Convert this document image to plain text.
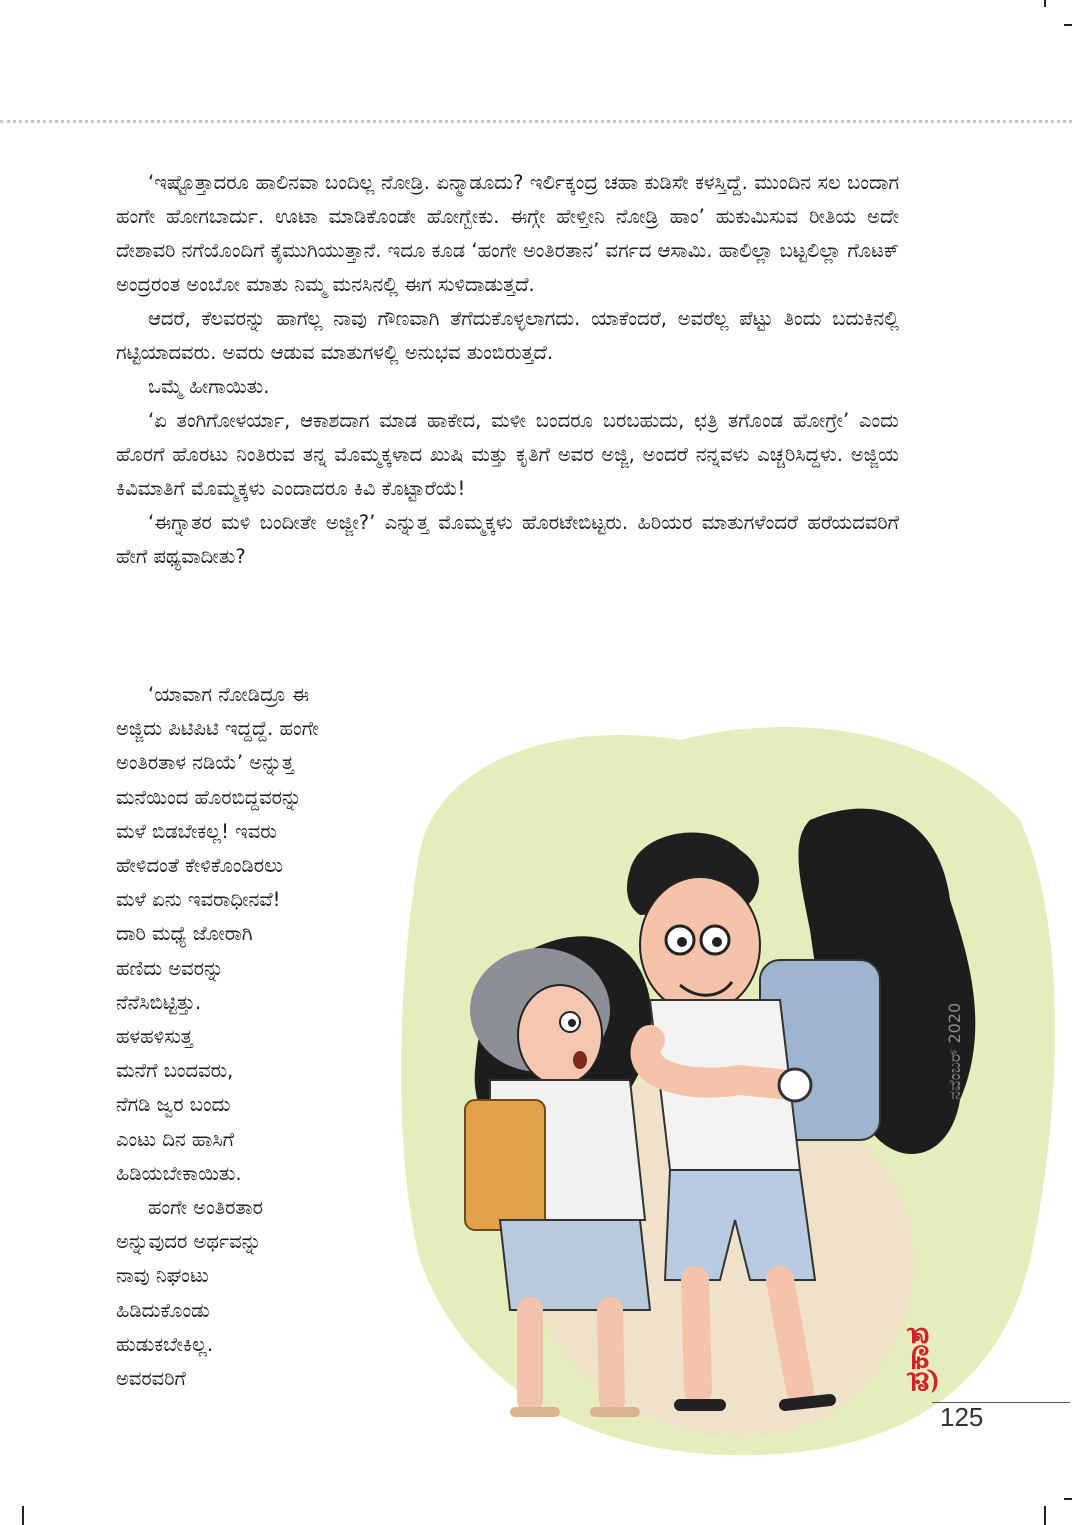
‘ಇಷ್ಟೊತ್ತಾದರೂ ಹಾಲಿನವಾ ಬಂದಿಲ್ಲ ನೋಡ್ರಿ. ಏನ್ಮಾಡೂದು? ಇರ್ಲಿಕ್ಕಂದ್ರ ಚಹಾ ಕುಡಿಸೇ ಕಳಸ್ತಿದ್ದೆ. ಮುಂದಿನ ಸಲ ಬಂದಾಗ ಹಂಗೇ ಹೋಗಬಾರ್ದು. ಊಟಾ ಮಾಡಿಕೊಂಡೇ ಹೋಗ್ಬೇಕು. ಈಗ್ಗೇ ಹೇಳ್ತೀನಿ ನೋಡ್ರಿ ಹಾಂ’ ಹುಕುಮಿಸುವ ರೀತಿಯ ಅದೇ ದೇಶಾವರಿ ನಗೆಯೊಂದಿಗೆ ಕೈಮುಗಿಯುತ್ತಾನೆ. ಇದೂ ಕೂಡ ‘ಹಂಗೇ ಅಂತಿರತಾನ’ ವರ್ಗದ ಆಸಾಮಿ. ಹಾಲಿಲ್ಲಾ ಬಟ್ಟಲಿಲ್ಲಾ ಗೊಟಕ್ ಅಂದ್ರರಂತ ಅಂಬೋ ಮಾತು ನಿಮ್ಮ ಮನಸಿನಲ್ಲಿ ಈಗ ಸುಳಿದಾಡುತ್ತದೆ.

ಆದರೆ, ಕೆಲವರನ್ನು ಹಾಗೆಲ್ಲ ನಾವು ಗೌಣವಾಗಿ ತೆಗೆದುಕೊಳ್ಳಲಾಗದು. ಯಾಕೆಂದರೆ, ಅವರೆಲ್ಲ ಪೆಟ್ಟು ತಿಂದು ಬದುಕಿನಲ್ಲಿ ಗಟ್ಟಿಯಾದವರು. ಅವರು ಆಡುವ ಮಾತುಗಳಲ್ಲಿ ಅನುಭವ ತುಂಬಿರುತ್ತದೆ.

ಒಮ್ಮೆ ಹೀಗಾಯಿತು.

‘ಏ ತಂಗಿಗೋಳರ್ಯಾ, ಆಕಾಶದಾಗ ಮಾಡ ಹಾಕೇದ, ಮಳೀ ಬಂದರೂ ಬರಬಹುದು, ಛತ್ರಿ ತಗೊಂಡ ಹೋಗ್ರೇ’ ಎಂದು ಹೊರಗೆ ಹೊರಟು ನಿಂತಿರುವ ತನ್ನ ಮೊಮ್ಮಕ್ಕಳಾದ ಖುಷಿ ಮತ್ತು ಕೃತಿಗೆ ಅವರ ಅಜ್ಜಿ, ಅಂದರೆ ನನ್ನವಳು ಎಚ್ಚರಿಸಿದ್ದಳು. ಅಜ್ಜಿಯ ಕಿವಿಮಾತಿಗೆ ಮೊಮ್ಮಕ್ಕಳು ಎಂದಾದರೂ ಕಿವಿ ಕೊಟ್ಟಾರೆಯೆ!

‘ಈಗ್ನಾತರ ಮಳಿ ಬಂದೀತೇ ಅಜ್ಜೀ?’ ಎನ್ನುತ್ತ ಮೊಮ್ಮಕ್ಕಳು ಹೊರಟೇಬಿಟ್ಟರು. ಹಿರಿಯರ ಮಾತುಗಳೆಂದರೆ ಹರೆಯದವರಿಗೆ ಹೇಗೆ ಪಥ್ಯವಾದೀತು?

‘ಯಾವಾಗ ನೋಡಿದ್ರೂ ಈ
ಅಜ್ಜಿದು ಪಿಟಿಪಿಟಿ ಇದ್ದದ್ದೆ. ಹಂಗೇ
ಅಂತಿರತಾಳ ನಡಿಯೆ’ ಅನ್ನುತ್ತ
ಮನೆಯಿಂದ ಹೊರಬಿದ್ದವರನ್ನು
ಮಳೆ ಬಿಡಬೇಕಲ್ಲ! ಇವರು
ಹೇಳಿದಂತೆ ಕೇಳಿಕೊಂಡಿರಲು
ಮಳೆ ಏನು ಇವರಾಧೀನವೆ!
ದಾರಿ ಮಧ್ಯೆ ಜೋರಾಗಿ
ಹಣಿದು ಅವರನ್ನು
ನೆನೆಸಿಬಿಟ್ಟಿತ್ತು.
ಹಳಹಳಿಸುತ್ತ
ಮನೆಗೆ ಬಂದವರು,
ನೆಗಡಿ ಜ್ವರ ಬಂದು
ಎಂಟು ದಿನ ಹಾಸಿಗೆ
ಹಿಡಿಯಬೇಕಾಯಿತು.
ಹಂಗೇ ಅಂತಿರತಾರ
ಅನ್ನುವುದರ ಅರ್ಥವನ್ನು
ನಾವು ನಿಘಂಟು
ಹಿಡಿದುಕೊಂಡು
ಹುಡುಕಬೇಕಿಲ್ಲ.
ಅವರವರಿಗೆ
ನವೆಂಬರ್ 2020
ಪ್ರಕಾಶ
125
